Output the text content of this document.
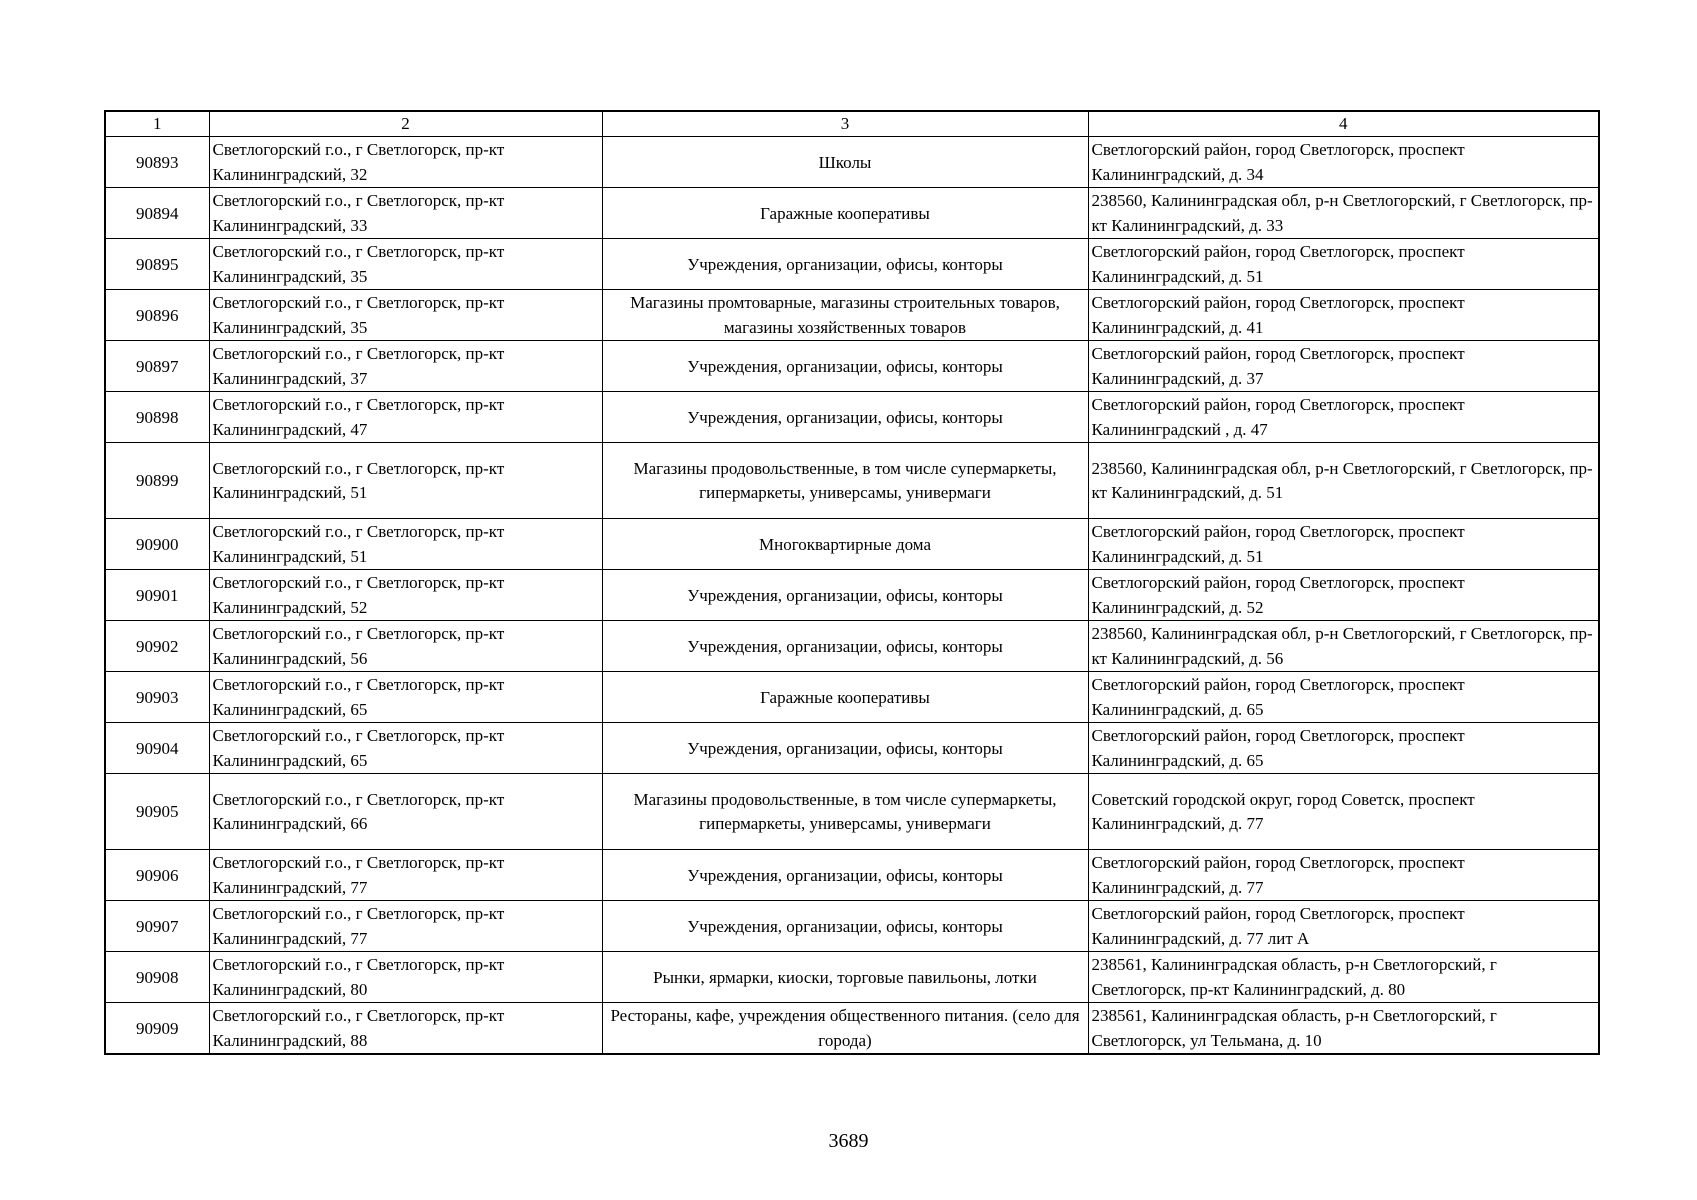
1	2	3	4
90893	Светлогорский г.о., г Светлогорск, пр-кт Калининградский, 32	Школы	Светлогорский район, город Светлогорск, проспект Калининградский, д. 34
90894	Светлогорский г.о., г Светлогорск, пр-кт Калининградский, 33	Гаражные кооперативы	238560, Калининградская обл, р-н Светлогорский, г Светлогорск, пр-кт Калининградский, д. 33
90895	Светлогорский г.о., г Светлогорск, пр-кт Калининградский, 35	Учреждения, организации, офисы, конторы	Светлогорский район, город Светлогорск, проспект Калининградский, д. 51
90896	Светлогорский г.о., г Светлогорск, пр-кт Калининградский, 35	Магазины промтоварные, магазины строительных товаров, магазины хозяйственных товаров	Светлогорский район, город Светлогорск, проспект Калининградский, д. 41
90897	Светлогорский г.о., г Светлогорск, пр-кт Калининградский, 37	Учреждения, организации, офисы, конторы	Светлогорский район, город Светлогорск, проспект Калининградский, д. 37
90898	Светлогорский г.о., г Светлогорск, пр-кт Калининградский, 47	Учреждения, организации, офисы, конторы	Светлогорский район, город Светлогорск, проспект Калининградский , д. 47
90899	Светлогорский г.о., г Светлогорск, пр-кт Калининградский, 51	Магазины продовольственные, в том числе супермаркеты, гипермаркеты, универсамы, универмаги	238560, Калининградская обл, р-н Светлогорский, г Светлогорск, пр-кт Калининградский, д. 51
90900	Светлогорский г.о., г Светлогорск, пр-кт Калининградский, 51	Многоквартирные дома	Светлогорский район, город Светлогорск, проспект Калининградский, д. 51
90901	Светлогорский г.о., г Светлогорск, пр-кт Калининградский, 52	Учреждения, организации, офисы, конторы	Светлогорский район, город Светлогорск, проспект Калининградский, д. 52
90902	Светлогорский г.о., г Светлогорск, пр-кт Калининградский, 56	Учреждения, организации, офисы, конторы	238560, Калининградская обл, р-н Светлогорский, г Светлогорск, пр-кт Калининградский, д. 56
90903	Светлогорский г.о., г Светлогорск, пр-кт Калининградский, 65	Гаражные кооперативы	Светлогорский район, город Светлогорск, проспект Калининградский, д. 65
90904	Светлогорский г.о., г Светлогорск, пр-кт Калининградский, 65	Учреждения, организации, офисы, конторы	Светлогорский район, город Светлогорск, проспект Калининградский, д. 65
90905	Светлогорский г.о., г Светлогорск, пр-кт Калининградский, 66	Магазины продовольственные, в том числе супермаркеты, гипермаркеты, универсамы, универмаги	Советский городской округ, город Советск, проспект Калининградский, д. 77
90906	Светлогорский г.о., г Светлогорск, пр-кт Калининградский, 77	Учреждения, организации, офисы, конторы	Светлогорский район, город Светлогорск, проспект Калининградский, д. 77
90907	Светлогорский г.о., г Светлогорск, пр-кт Калининградский, 77	Учреждения, организации, офисы, конторы	Светлогорский район, город Светлогорск, проспект Калининградский, д. 77 лит А
90908	Светлогорский г.о., г Светлогорск, пр-кт Калининградский, 80	Рынки, ярмарки, киоски, торговые павильоны, лотки	238561, Калининградская область, р-н Светлогорский, г Светлогорск, пр-кт Калининградский, д. 80
90909	Светлогорский г.о., г Светлогорск, пр-кт Калининградский, 88	Рестораны, кафе, учреждения общественного питания. (село для города)	238561, Калининградская область, р-н Светлогорский, г Светлогорск, ул Тельмана, д. 10
3689
